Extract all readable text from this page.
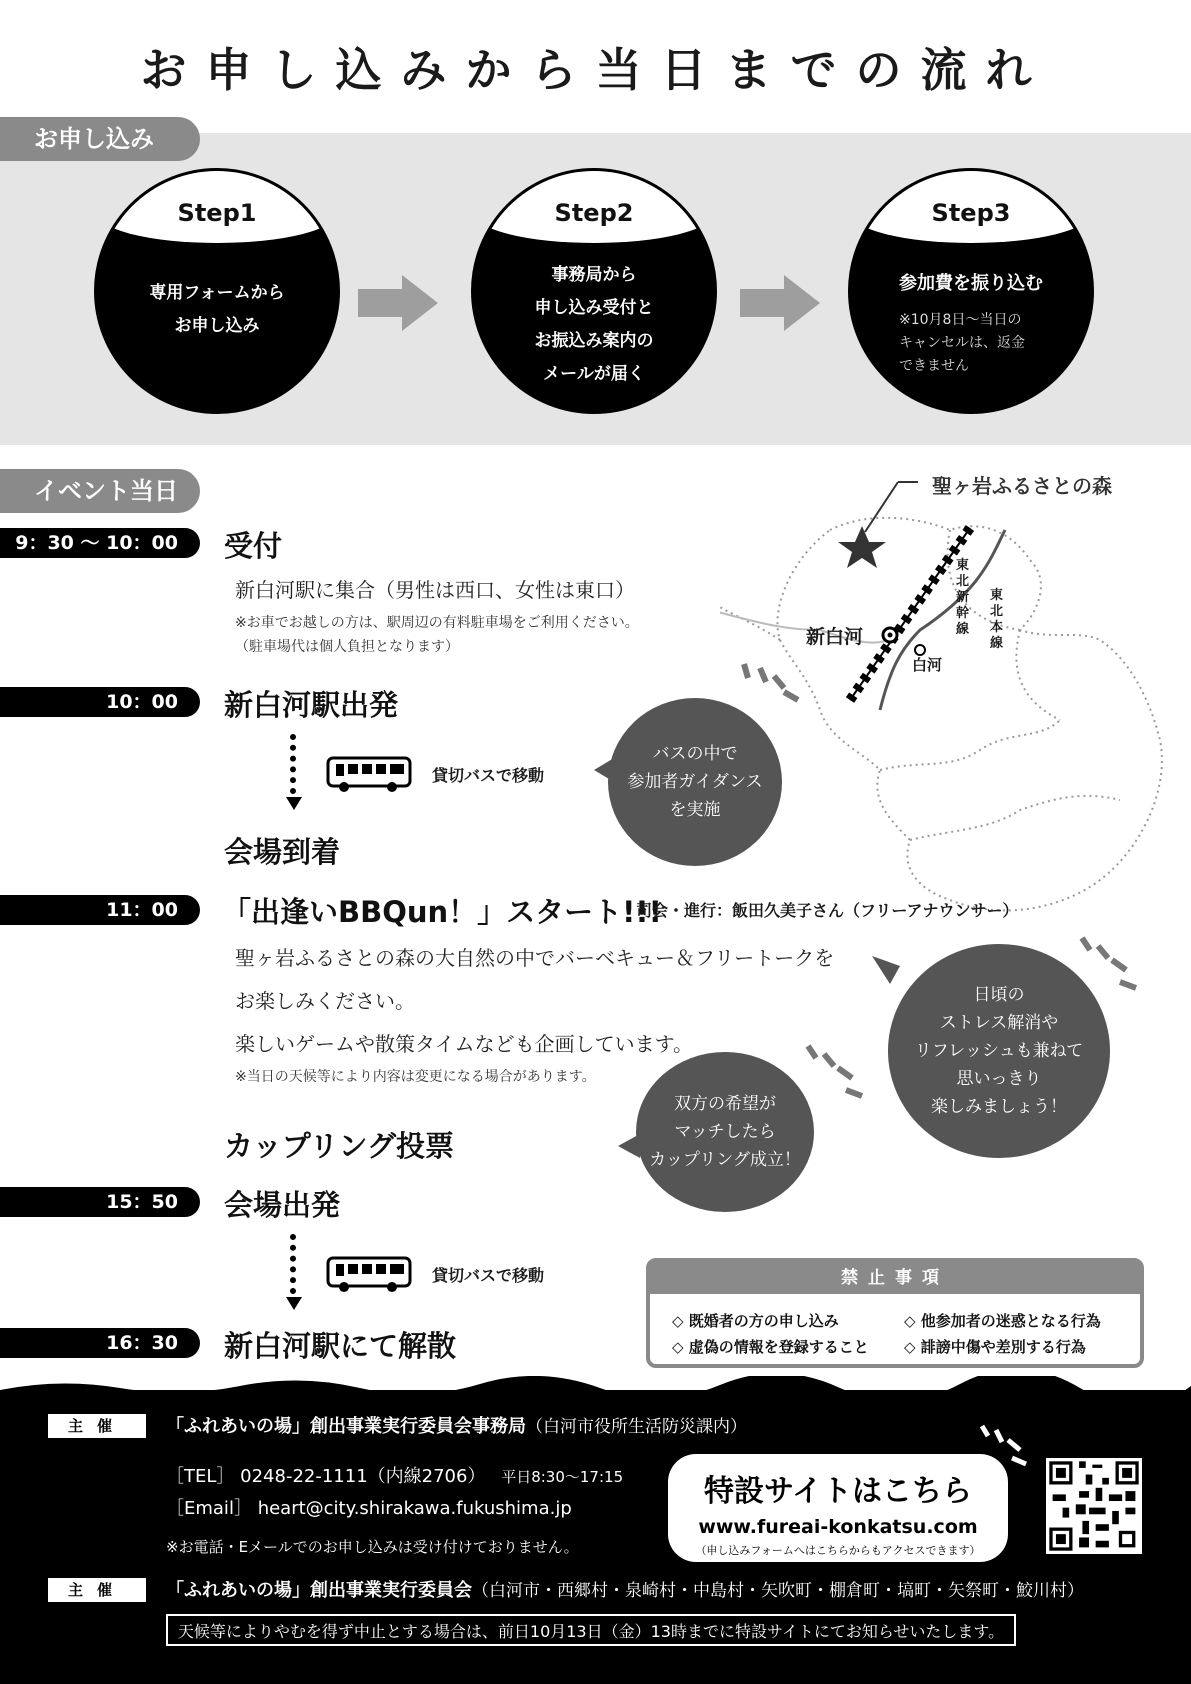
お申し込みから当日までの流れ
お申し込み
Step1
専用フォームから
お申し込み
Step2
事務局から
申し込み受付と
お振込み案内の
メールが届く
Step3
参加費を振り込む
※10月8日～当日の
キャンセルは、返金
できません
イベント当日	聖ヶ岩ふるさとの森
新白河
白河
東北新幹線
東北本線
9：30 ～ 10：00	受付
新白河駅に集合（男性は西口、女性は東口）
※お車でお越しの方は、駅周辺の有料駐車場をご利用ください。
（駐車場代は個人負担となります）
10：00	新白河駅出発
貸切バスで移動
会場到着
バスの中で
参加者ガイダンス
を実施
11：00	「出逢いBBQun！」スタート!!!
司会・進行：飯田久美子さん（フリーアナウンサー）
聖ヶ岩ふるさとの森の大自然の中でバーベキュー＆フリートークを
お楽しみください。
楽しいゲームや散策タイムなども企画しています。
※当日の天候等により内容は変更になる場合があります。
カップリング投票
日頃の
ストレス解消や
リフレッシュも兼ねて
思いっきり
楽しみましょう！
双方の希望が
マッチしたら
カップリング成立！
15：50	会場出発
貸切バスで移動
16：30	新白河駅にて解散
禁止事項
◇ 既婚者の方の申し込み	◇ 他参加者の迷惑となる行為
◇ 虚偽の情報を登録すること ◇ 誹謗中傷や差別する行為
主催	「ふれあいの場」創出事業実行委員会事務局（白河市役所生活防災課内）
［TEL］ 0248-22-1111（内線2706） 平日8:30～17:15
［Email］ heart@city.shirakawa.fukushima.jp
※お電話・Eメールでのお申し込みは受け付けておりません。
主催	「ふれあいの場」創出事業実行委員会（白河市・西郷村・泉崎村・中島村・矢吹町・棚倉町・塙町・矢祭町・鮫川村）
特設サイトはこちら
www.fureai-konkatsu.com
（申し込みフォームへはこちらからもアクセスできます）
天候等によりやむを得ず中止とする場合は、前日10月13日（金）13時までに特設サイトにてお知らせいたします。
